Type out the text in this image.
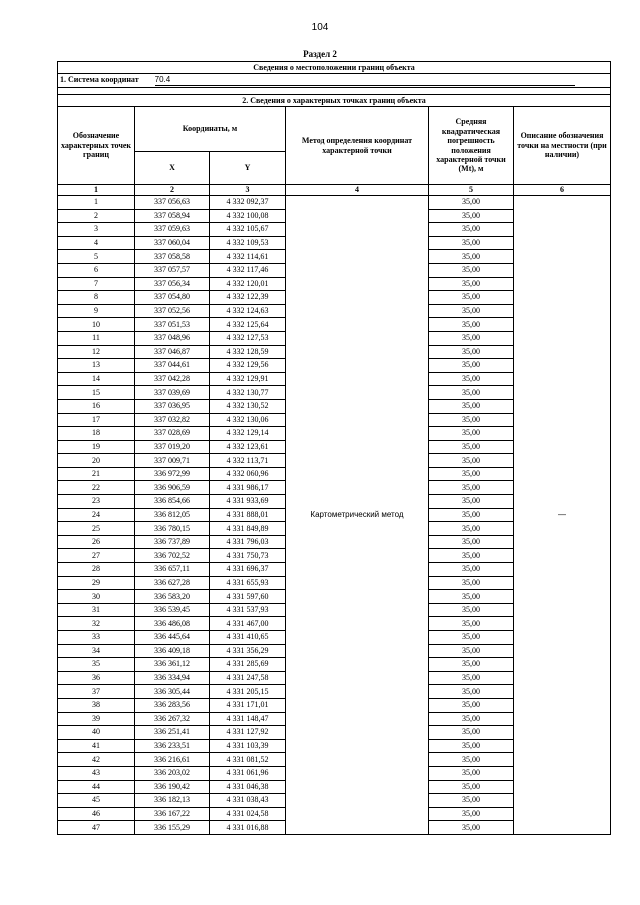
104
Раздел 2
Сведения о местоположении границ объекта					
1. Система координат 70.4					

2. Сведения о характерных точках границ объекта					
Обозначение характерных точек границ	Координаты, м		Метод определения координат характерной точки	Средняя квадратическая погрешность положения характерной точки (Mt), м	Описание обозначения точки на местности (при наличии)
	X	Y			
1	2	3	4	5	6
1	337 056,63	4 332 092,37	Картометрический метод	35,00	—
2	337 058,94	4 332 100,08		35,00	
3	337 059,63	4 332 105,67		35,00	
4	337 060,04	4 332 109,53		35,00	
5	337 058,58	4 332 114,61		35,00	
6	337 057,57	4 332 117,46		35,00	
7	337 056,34	4 332 120,01		35,00	
8	337 054,80	4 332 122,39		35,00	
9	337 052,56	4 332 124,63		35,00	
10	337 051,53	4 332 125,64		35,00	
11	337 048,96	4 332 127,53		35,00	
12	337 046,87	4 332 128,59		35,00	
13	337 044,61	4 332 129,56		35,00	
14	337 042,28	4 332 129,91		35,00	
15	337 039,69	4 332 130,77		35,00	
16	337 036,95	4 332 130,52		35,00	
17	337 032,82	4 332 130,06		35,00	
18	337 028,69	4 332 129,14		35,00	
19	337 019,20	4 332 123,61		35,00	
20	337 009,71	4 332 113,71		35,00	
21	336 972,99	4 332 060,96		35,00	
22	336 906,59	4 331 986,17		35,00	
23	336 854,66	4 331 933,69		35,00	
24	336 812,05	4 331 888,01		35,00	
25	336 780,15	4 331 849,89		35,00	
26	336 737,89	4 331 796,03		35,00	
27	336 702,52	4 331 750,73		35,00	
28	336 657,11	4 331 696,37		35,00	
29	336 627,28	4 331 655,93		35,00	
30	336 583,20	4 331 597,60		35,00	
31	336 539,45	4 331 537,93		35,00	
32	336 486,08	4 331 467,00		35,00	
33	336 445,64	4 331 410,65		35,00	
34	336 409,18	4 331 356,29		35,00	
35	336 361,12	4 331 285,69		35,00	
36	336 334,94	4 331 247,58		35,00	
37	336 305,44	4 331 205,15		35,00	
38	336 283,56	4 331 171,01		35,00	
39	336 267,32	4 331 148,47		35,00	
40	336 251,41	4 331 127,92		35,00	
41	336 233,51	4 331 103,39		35,00	
42	336 216,61	4 331 081,52		35,00	
43	336 203,02	4 331 061,96		35,00	
44	336 190,42	4 331 046,38		35,00	
45	336 182,13	4 331 038,43		35,00	
46	336 167,22	4 331 024,58		35,00	
47	336 155,29	4 331 016,88		35,00	
